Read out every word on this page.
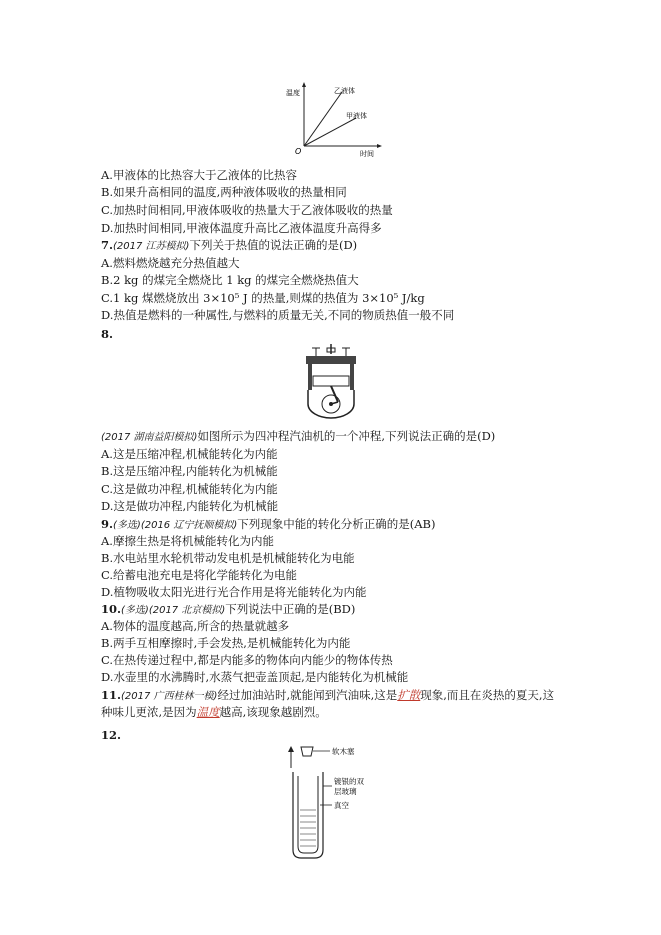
温度
时间
O
乙液体
甲液体
A.甲液体的比热容大于乙液体的比热容
B.如果升高相同的温度,两种液体吸收的热量相同
C.加热时间相同,甲液体吸收的热量大于乙液体吸收的热量
D.加热时间相同,甲液体温度升高比乙液体温度升高得多
7.(2017 江苏模拟)下列关于热值的说法正确的是(D)
A.燃料燃烧越充分热值越大
B.2 kg 的煤完全燃烧比 1 kg 的煤完全燃烧热值大
C.1 kg 煤燃烧放出 3×10⁵ J 的热量,则煤的热值为 3×10⁵ J/kg
D.热值是燃料的一种属性,与燃料的质量无关,不同的物质热值一般不同
8.
(2017 湖南益阳模拟)如图所示为四冲程汽油机的一个冲程,下列说法正确的是(D)
A.这是压缩冲程,机械能转化为内能
B.这是压缩冲程,内能转化为机械能
C.这是做功冲程,机械能转化为内能
D.这是做功冲程,内能转化为机械能
9.(多选)(2016 辽宁抚顺模拟)下列现象中能的转化分析正确的是(AB)
A.摩擦生热是将机械能转化为内能
B.水电站里水轮机带动发电机是机械能转化为电能
C.给蓄电池充电是将化学能转化为电能
D.植物吸收太阳光进行光合作用是将光能转化为内能
10.(多选)(2017 北京模拟)下列说法中正确的是(BD)
A.物体的温度越高,所含的热量就越多
B.两手互相摩擦时,手会发热,是机械能转化为内能
C.在热传递过程中,都是内能多的物体向内能少的物体传热
D.水壶里的水沸腾时,水蒸气把壶盖顶起,是内能转化为机械能
11.(2017 广西桂林一模)经过加油站时,就能闻到汽油味,这是扩散现象,而且在炎热的夏天,这
种味儿更浓,是因为温度越高,该现象越剧烈。
12.
软木塞
镀银的双
层玻璃
真空
